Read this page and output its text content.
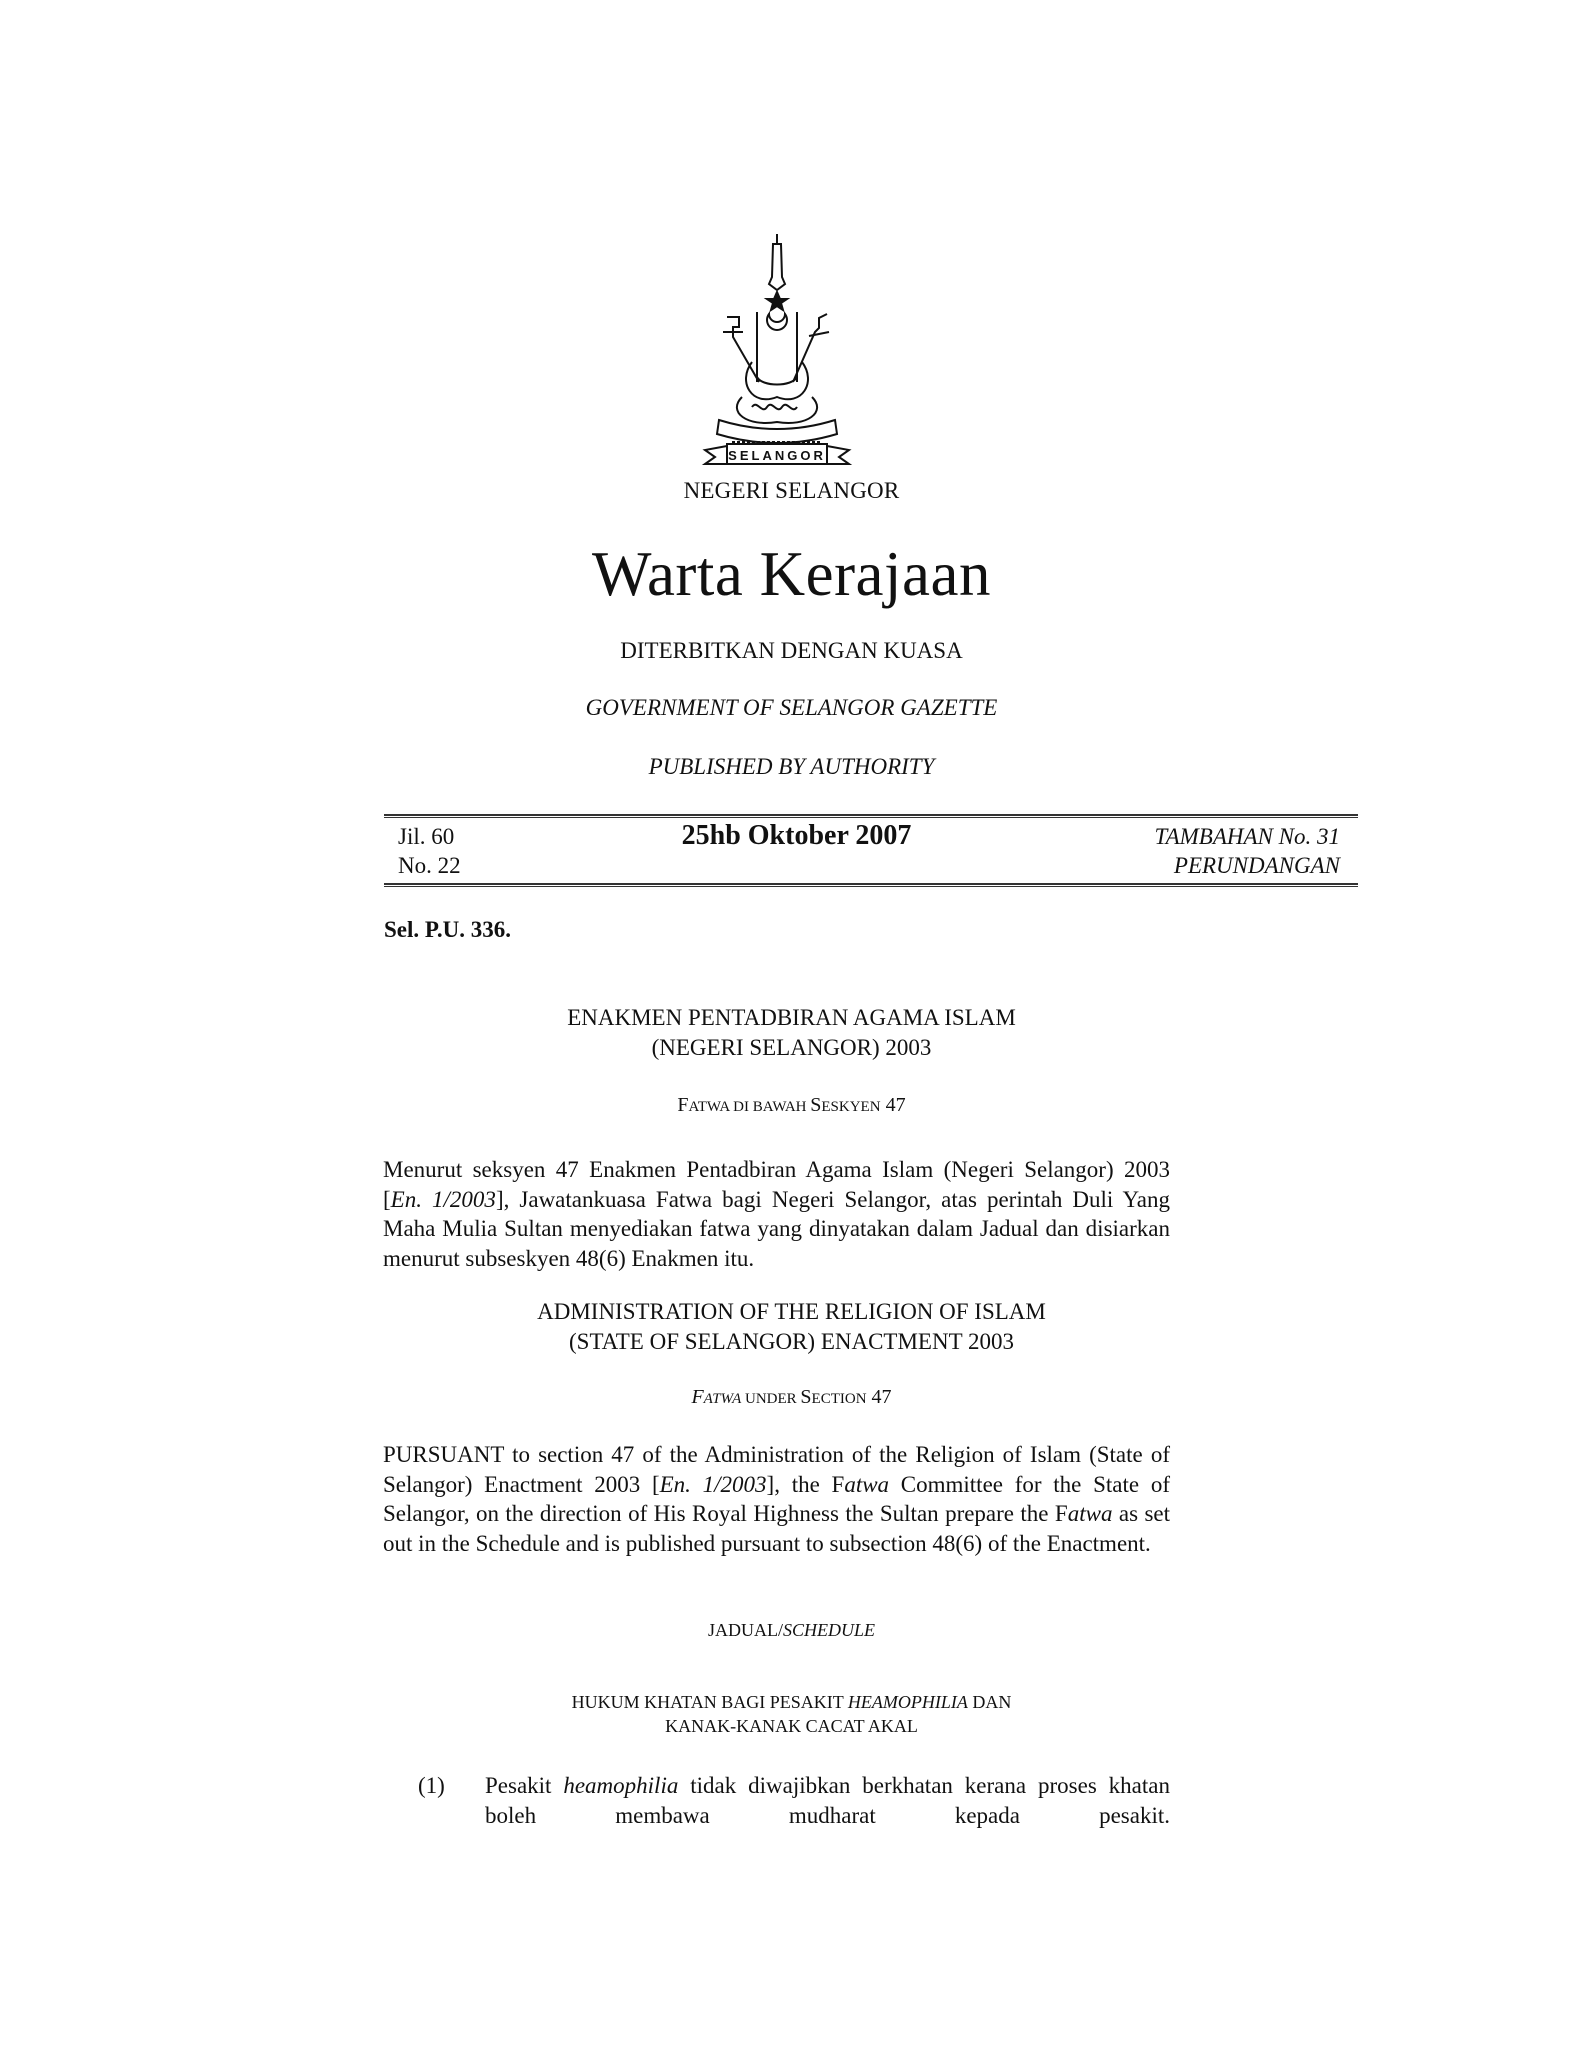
SELANGOR
NEGERI SELANGOR
Warta Kerajaan
DITERBITKAN DENGAN KUASA
GOVERNMENT OF SELANGOR GAZETTE
PUBLISHED BY AUTHORITY
Jil. 60
No. 22
25hb Oktober 2007	TAMBAHAN No. 31
PERUNDANGAN
Sel. P.U. 336.
ENAKMEN PENTADBIRAN AGAMA ISLAM
(NEGERI SELANGOR) 2003
FATWA DI BAWAH SESKYEN 47
Menurut seksyen 47 Enakmen Pentadbiran Agama Islam (Negeri Selangor) 2003 [En. 1/2003], Jawatankuasa Fatwa bagi Negeri Selangor, atas perintah Duli Yang Maha Mulia Sultan menyediakan fatwa yang dinyatakan dalam Jadual dan disiarkan menurut subseskyen 48(6) Enakmen itu.
ADMINISTRATION OF THE RELIGION OF ISLAM
(STATE OF SELANGOR) ENACTMENT 2003
FATWA UNDER SECTION 47
PURSUANT to section 47 of the Administration of the Religion of Islam (State of Selangor) Enactment 2003 [En. 1/2003], the Fatwa Committee for the State of Selangor, on the direction of His Royal Highness the Sultan prepare the Fatwa as set out in the Schedule and is published pursuant to subsection 48(6) of the Enactment.
JADUAL/SCHEDULE
HUKUM KHATAN BAGI PESAKIT HEAMOPHILIA DAN
KANAK-KANAK CACAT AKAL
(1) Pesakit heamophilia tidak diwajibkan berkhatan kerana proses khatan boleh membawa mudharat kepada pesakit.
